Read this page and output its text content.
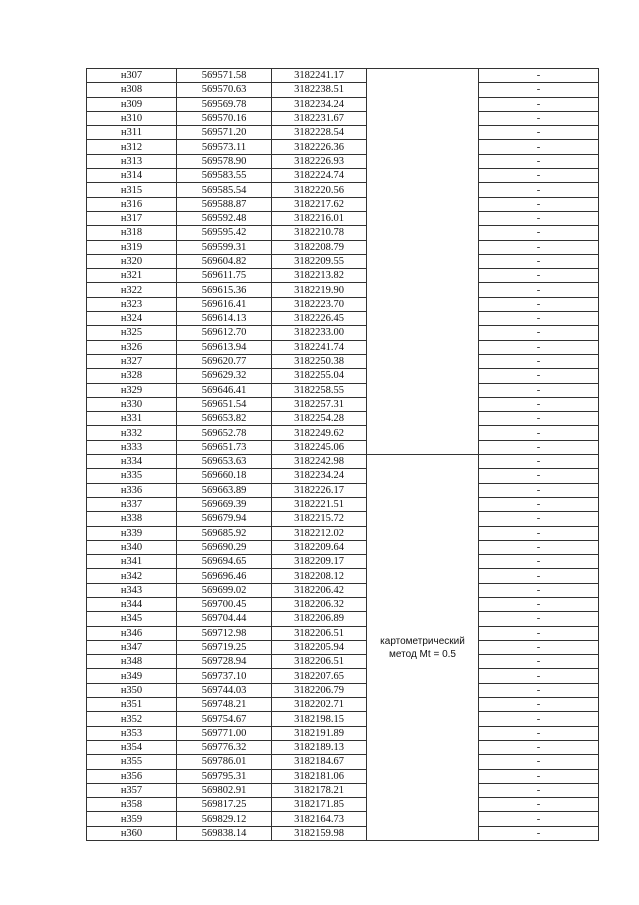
н307	569571.58	3182241.17		-
н308	569570.63	3182238.51		-
н309	569569.78	3182234.24		-
н310	569570.16	3182231.67		-
н311	569571.20	3182228.54		-
н312	569573.11	3182226.36		-
н313	569578.90	3182226.93		-
н314	569583.55	3182224.74		-
н315	569585.54	3182220.56		-
н316	569588.87	3182217.62		-
н317	569592.48	3182216.01		-
н318	569595.42	3182210.78		-
н319	569599.31	3182208.79		-
н320	569604.82	3182209.55		-
н321	569611.75	3182213.82		-
н322	569615.36	3182219.90		-
н323	569616.41	3182223.70		-
н324	569614.13	3182226.45		-
н325	569612.70	3182233.00		-
н326	569613.94	3182241.74		-
н327	569620.77	3182250.38		-
н328	569629.32	3182255.04		-
н329	569646.41	3182258.55		-
н330	569651.54	3182257.31		-
н331	569653.82	3182254.28		-
н332	569652.78	3182249.62		-
н333	569651.73	3182245.06		-
н334	569653.63	3182242.98	картометрический метод Mt = 0.5	-
н335	569660.18	3182234.24		-
н336	569663.89	3182226.17		-
н337	569669.39	3182221.51		-
н338	569679.94	3182215.72		-
н339	569685.92	3182212.02		-
н340	569690.29	3182209.64		-
н341	569694.65	3182209.17		-
н342	569696.46	3182208.12		-
н343	569699.02	3182206.42		-
н344	569700.45	3182206.32		-
н345	569704.44	3182206.89		-
н346	569712.98	3182206.51		-
н347	569719.25	3182205.94		-
н348	569728.94	3182206.51		-
н349	569737.10	3182207.65		-
н350	569744.03	3182206.79		-
н351	569748.21	3182202.71		-
н352	569754.67	3182198.15		-
н353	569771.00	3182191.89		-
н354	569776.32	3182189.13		-
н355	569786.01	3182184.67		-
н356	569795.31	3182181.06		-
н357	569802.91	3182178.21		-
н358	569817.25	3182171.85		-
н359	569829.12	3182164.73		-
н360	569838.14	3182159.98		-
